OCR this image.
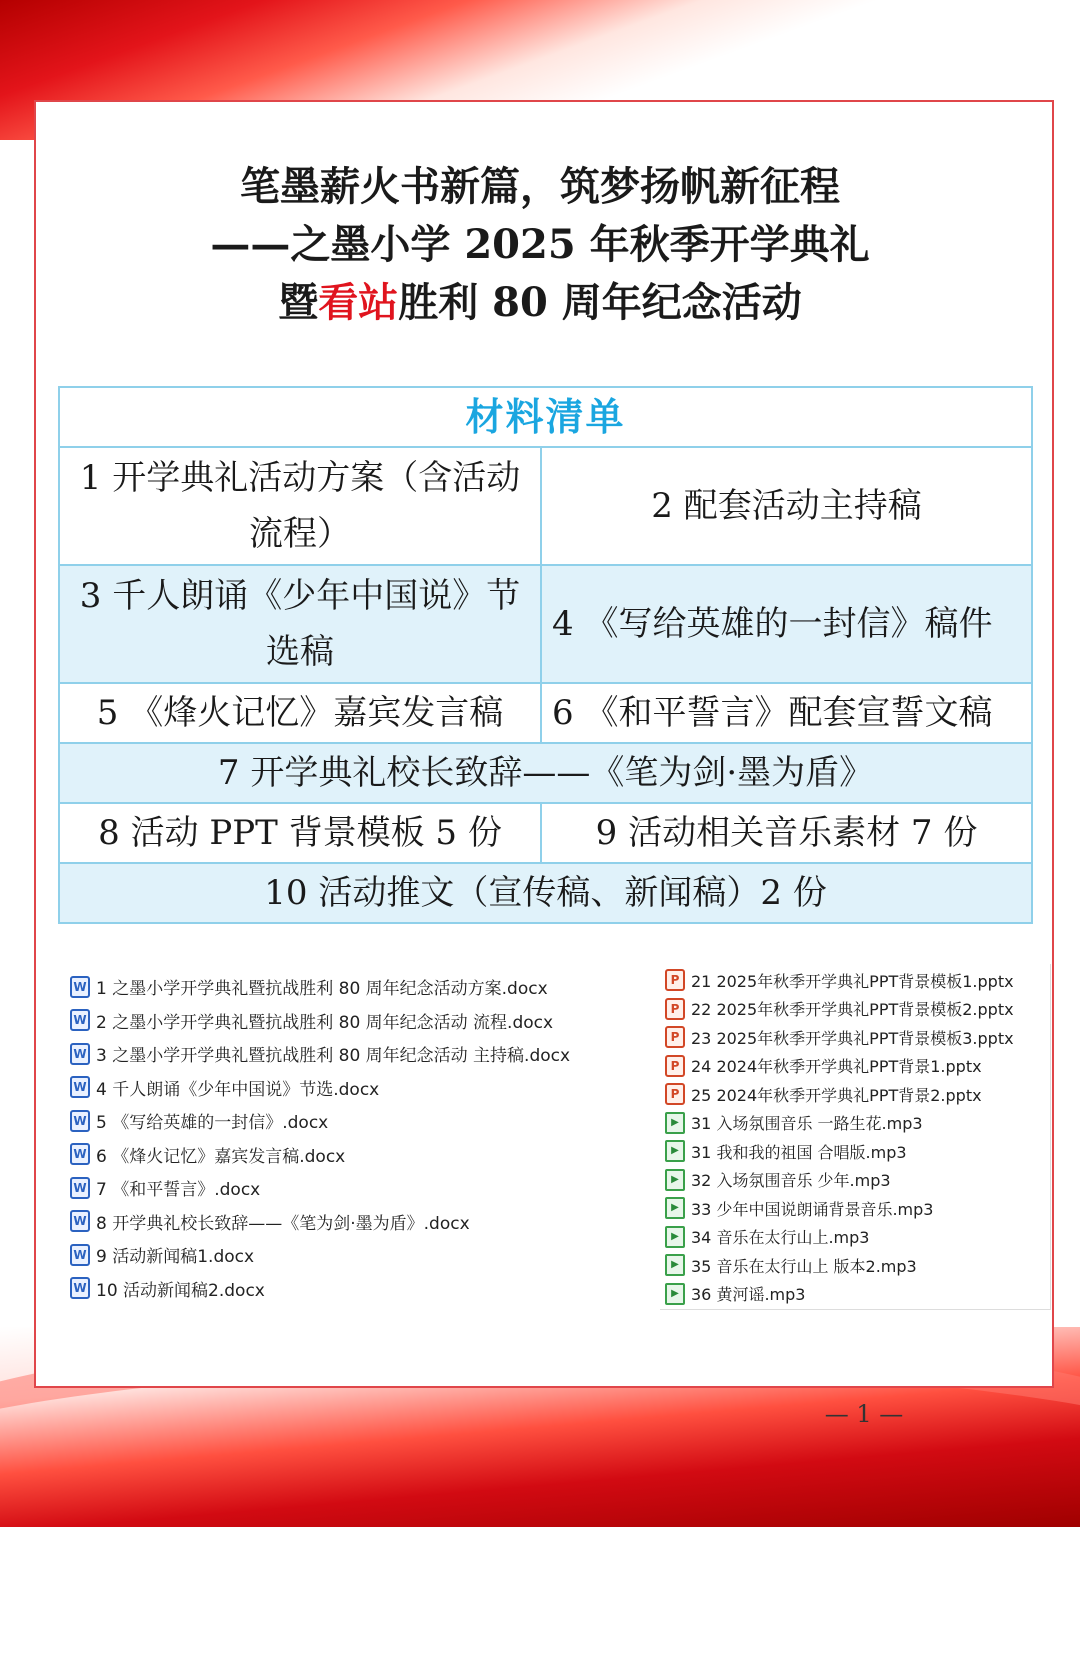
笔墨薪火书新篇，筑梦扬帆新征程
——之墨小学 2025 年秋季开学典礼
暨看站胜利 80 周年纪念活动
材料清单	
1 开学典礼活动方案（含活动流程）	2 配套活动主持稿
3 千人朗诵《少年中国说》节选稿	4 《写给英雄的一封信》稿件
5 《烽火记忆》嘉宾发言稿	6 《和平誓言》配套宣誓文稿
7 开学典礼校长致辞——《笔为剑·墨为盾》	
8 活动 PPT 背景模板 5 份	9 活动相关音乐素材 7 份
10 活动推文（宣传稿、新闻稿）2 份	
W
1 之墨小学开学典礼暨抗战胜利 80 周年纪念活动方案.docx
W
2 之墨小学开学典礼暨抗战胜利 80 周年纪念活动 流程.docx
W
3 之墨小学开学典礼暨抗战胜利 80 周年纪念活动 主持稿.docx
W
4 千人朗诵《少年中国说》节选.docx
W
5 《写给英雄的一封信》.docx
W
6 《烽火记忆》嘉宾发言稿.docx
W
7 《和平誓言》.docx
W
8 开学典礼校长致辞——《笔为剑·墨为盾》.docx
W
9 活动新闻稿1.docx
W
10 活动新闻稿2.docx
P
21 2025年秋季开学典礼PPT背景模板1.pptx
P
22 2025年秋季开学典礼PPT背景模板2.pptx
P
23 2025年秋季开学典礼PPT背景模板3.pptx
P
24 2024年秋季开学典礼PPT背景1.pptx
P
25 2024年秋季开学典礼PPT背景2.pptx
▶
31 入场氛围音乐 一路生花.mp3
▶
31 我和我的祖国 合唱版.mp3
▶
32 入场氛围音乐 少年.mp3
▶
33 少年中国说朗诵背景音乐.mp3
▶
34 音乐在太行山上.mp3
▶
35 音乐在太行山上 版本2.mp3
▶
36 黄河谣.mp3
— 1 —
